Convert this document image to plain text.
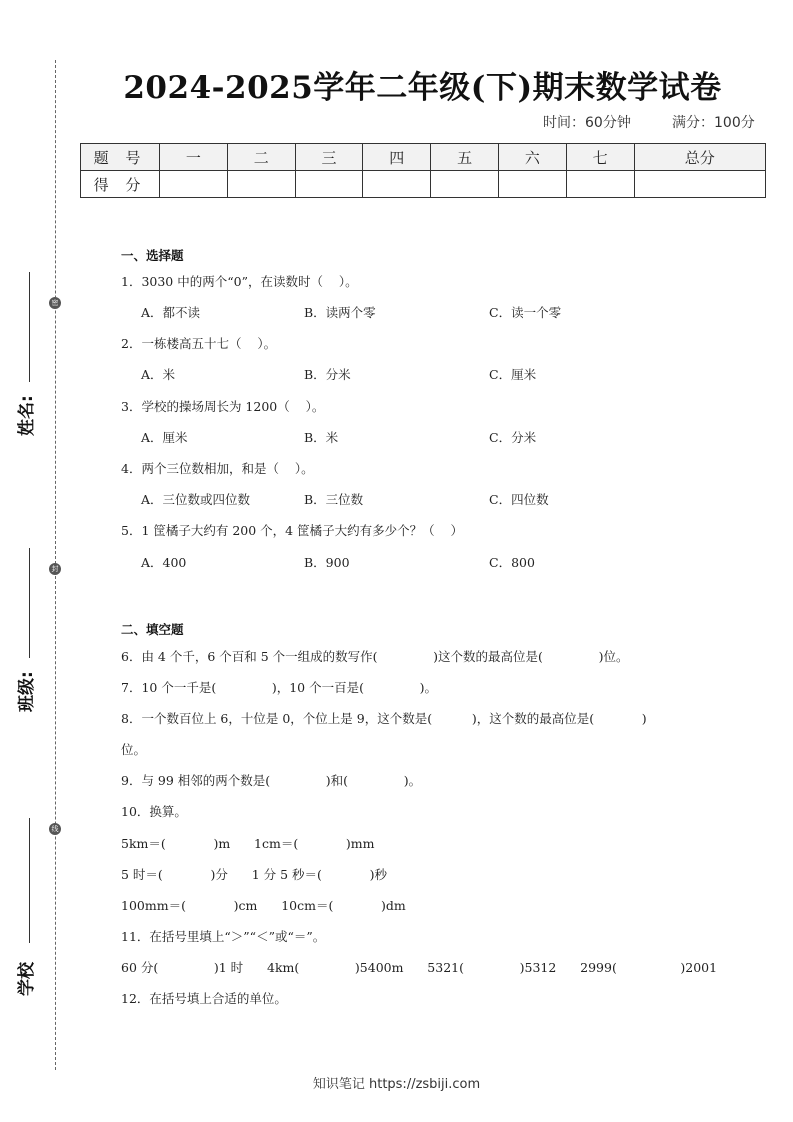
密
封
线
姓名:
班级:
学校
2024-2025学年二年级(下)期末数学试卷
时间：60分钟	满分：100分
题 号	一	二	三	四	五	六	七	总分
得 分								
一、选择题
1．3030 中的两个“0”，在读数时（    ）。
A．都不读	B．读两个零	C．读一个零
2．一栋楼高五十七（    ）。
A．米	B．分米	C．厘米
3．学校的操场周长为 1200（    ）。
A．厘米	B．米	C．分米
4．两个三位数相加，和是（    ）。
A．三位数或四位数	B．三位数	C．四位数
5．1 筐橘子大约有 200 个，4 筐橘子大约有多少个？（    ）
A．400	B．900	C．800
二、填空题
6．由 4 个千，6 个百和 5 个一组成的数写作(              )这个数的最高位是(              )位。
7．10 个一千是(              )，10 个一百是(              )。
8．一个数百位上 6，十位是 0，个位上是 9，这个数是(          )，这个数的最高位是(            )
位。
9．与 99 相邻的两个数是(              )和(              )。
10．换算。
5km＝(            )m      1cm＝(            )mm
5 时＝(            )分      1 分 5 秒＝(            )秒
100mm＝(            )cm      10cm＝(            )dm
11．在括号里填上“＞”“＜”或“＝”。
60 分(              )1 时      4km(              )5400m      5321(              )5312      2999(                )2001
12．在括号填上合适的单位。
知识笔记 https://zsbiji.com
